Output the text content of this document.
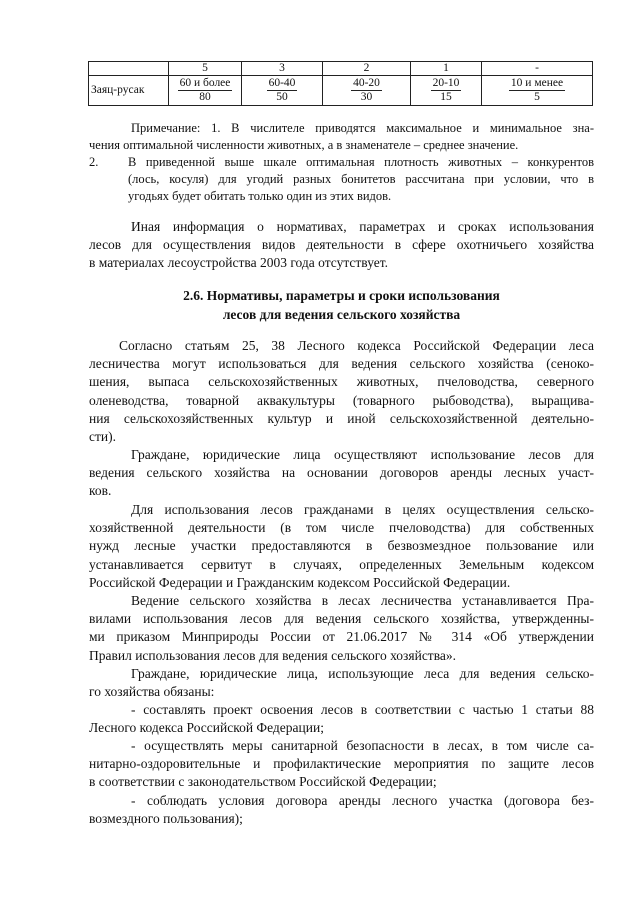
	5	3	2	1	-
Заяц-русак	$\frac{\text{60 и более}}{80}$	$\frac{60-40}{50}$	$\frac{40-20}{30}$	$\frac{20-10}{15}$	$\frac{\text{10 и менее}}{5}$
Примечание: 1. В числителе приводятся максимальное и минимальное зна-
чения оптимальной численности животных, а в знаменателе – среднее значение.
2. В приведенной выше шкале оптимальная плотность животных – конкурентов
(лось, косуля) для угодий разных бонитетов рассчитана при условии, что в
угодьях будет обитать только один из этих видов.
Иная информация о нормативах, параметрах и сроках использования
лесов для осуществления видов деятельности в сфере охотничьего хозяйства
в материалах лесоустройства 2003 года отсутствует.
2.6. Нормативы, параметры и сроки использования
лесов для ведения сельского хозяйства
Согласно статьям 25, 38 Лесного кодекса Российской Федерации леса
лесничества могут использоваться для ведения сельского хозяйства (сеноко-
шения, выпаса сельскохозяйственных животных, пчеловодства, северного
оленеводства, товарной аквакультуры (товарного рыбоводства), выращива-
ния сельскохозяйственных культур и иной сельскохозяйственной деятельно-
сти).
Граждане, юридические лица осуществляют использование лесов для
ведения сельского хозяйства на основании договоров аренды лесных участ-
ков.
Для использования лесов гражданами в целях осуществления сельско-
хозяйственной деятельности (в том числе пчеловодства) для собственных
нужд лесные участки предоставляются в безвозмездное пользование или
устанавливается сервитут в случаях, определенных Земельным кодексом
Российской Федерации и Гражданским кодексом Российской Федерации.
Ведение сельского хозяйства в лесах лесничества устанавливается Пра-
вилами использования лесов для ведения сельского хозяйства, утвержденны-
ми приказом Минприроды России от 21.06.2017 № 314 «Об утверждении
Правил использования лесов для ведения сельского хозяйства».
Граждане, юридические лица, использующие леса для ведения сельско-
го хозяйства обязаны:
- составлять проект освоения лесов в соответствии с частью 1 статьи 88
Лесного кодекса Российской Федерации;
- осуществлять меры санитарной безопасности в лесах, в том числе са-
нитарно-оздоровительные и профилактические мероприятия по защите лесов
в соответствии с законодательством Российской Федерации;
- соблюдать условия договора аренды лесного участка (договора без-
возмездного пользования);
